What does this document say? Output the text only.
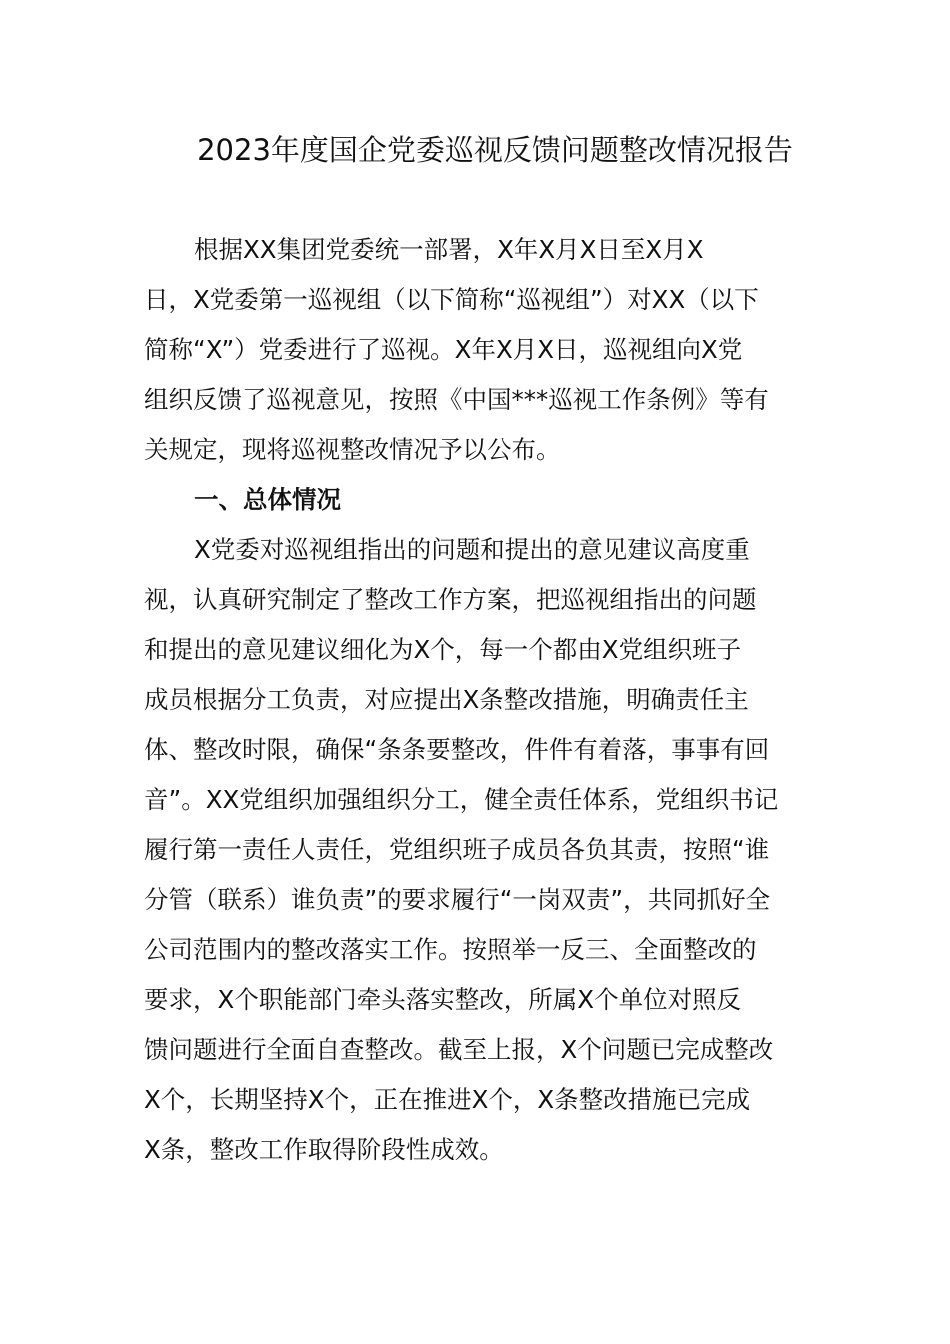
2023年度国企党委巡视反馈问题整改情况报告
根据XX集团党委统一部署，X年X月X日至X月X
日，X党委第一巡视组（以下简称“巡视组”）对XX（以下
简称“X”）党委进行了巡视。X年X月X日，巡视组向X党
组织反馈了巡视意见，按照《中国***巡视工作条例》等有
关规定，现将巡视整改情况予以公布。
一、总体情况
X党委对巡视组指出的问题和提出的意见建议高度重
视，认真研究制定了整改工作方案，把巡视组指出的问题
和提出的意见建议细化为X个，每一个都由X党组织班子
成员根据分工负责，对应提出X条整改措施，明确责任主
体、整改时限，确保“条条要整改，件件有着落，事事有回
音”。XX党组织加强组织分工，健全责任体系，党组织书记
履行第一责任人责任，党组织班子成员各负其责，按照“谁
分管（联系）谁负责”的要求履行“一岗双责”，共同抓好全
公司范围内的整改落实工作。按照举一反三、全面整改的
要求，X个职能部门牵头落实整改，所属X个单位对照反
馈问题进行全面自查整改。截至上报，X个问题已完成整改
X个，长期坚持X个，正在推进X个，X条整改措施已完成
X条，整改工作取得阶段性成效。
